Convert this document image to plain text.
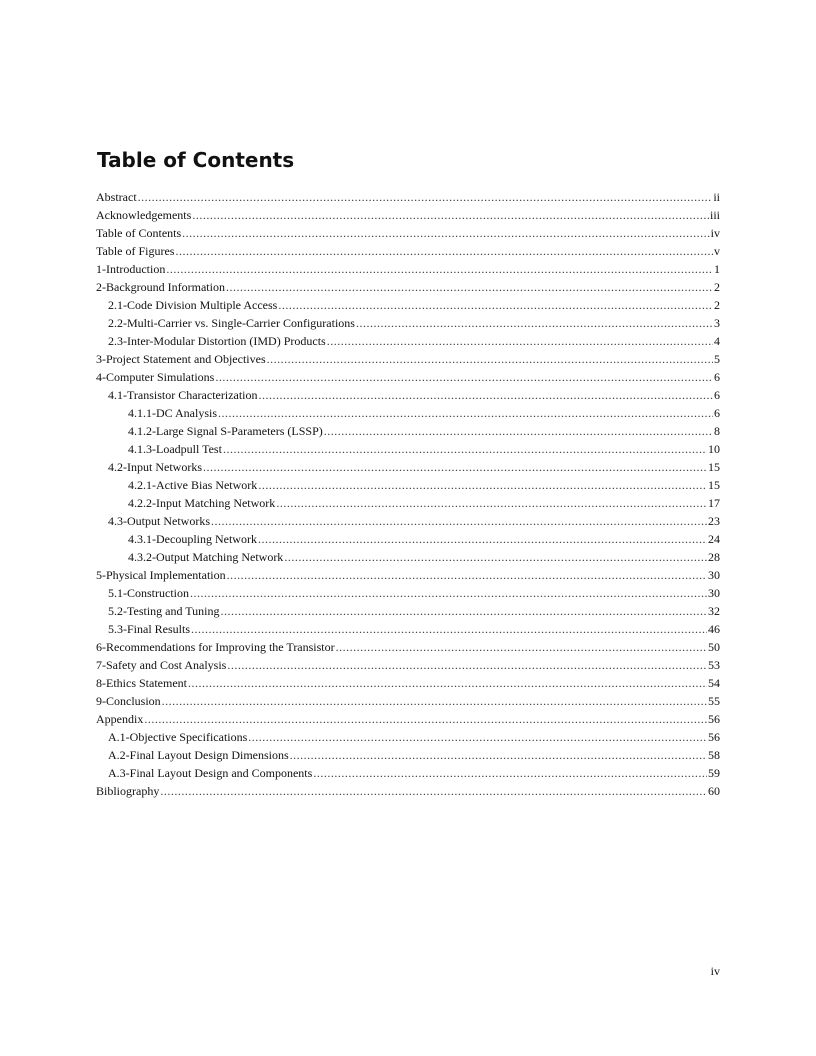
Table of Contents
Abstract .....	ii
Acknowledgements .....	iii
Table of Contents .....	iv
Table of Figures .....	v
1-Introduction .....	1
2-Background Information .....	2
2.1-Code Division Multiple Access .....	2
2.2-Multi-Carrier vs. Single-Carrier Configurations .....	3
2.3-Inter-Modular Distortion (IMD) Products .....	4
3-Project Statement and Objectives .....	5
4-Computer Simulations .....	6
4.1-Transistor Characterization .....	6
4.1.1-DC Analysis .....	6
4.1.2-Large Signal S-Parameters (LSSP) .....	8
4.1.3-Loadpull Test .....	10
4.2-Input Networks .....	15
4.2.1-Active Bias Network .....	15
4.2.2-Input Matching Network .....	17
4.3-Output Networks .....	23
4.3.1-Decoupling Network .....	24
4.3.2-Output Matching Network .....	28
5-Physical Implementation .....	30
5.1-Construction .....	30
5.2-Testing and Tuning .....	32
5.3-Final Results .....	46
6-Recommendations for Improving the Transistor .....	50
7-Safety and Cost Analysis .....	53
8-Ethics Statement .....	54
9-Conclusion .....	55
Appendix .....	56
A.1-Objective Specifications .....	56
A.2-Final Layout Design Dimensions .....	58
A.3-Final Layout Design and Components .....	59
Bibliography .....	60
iv
